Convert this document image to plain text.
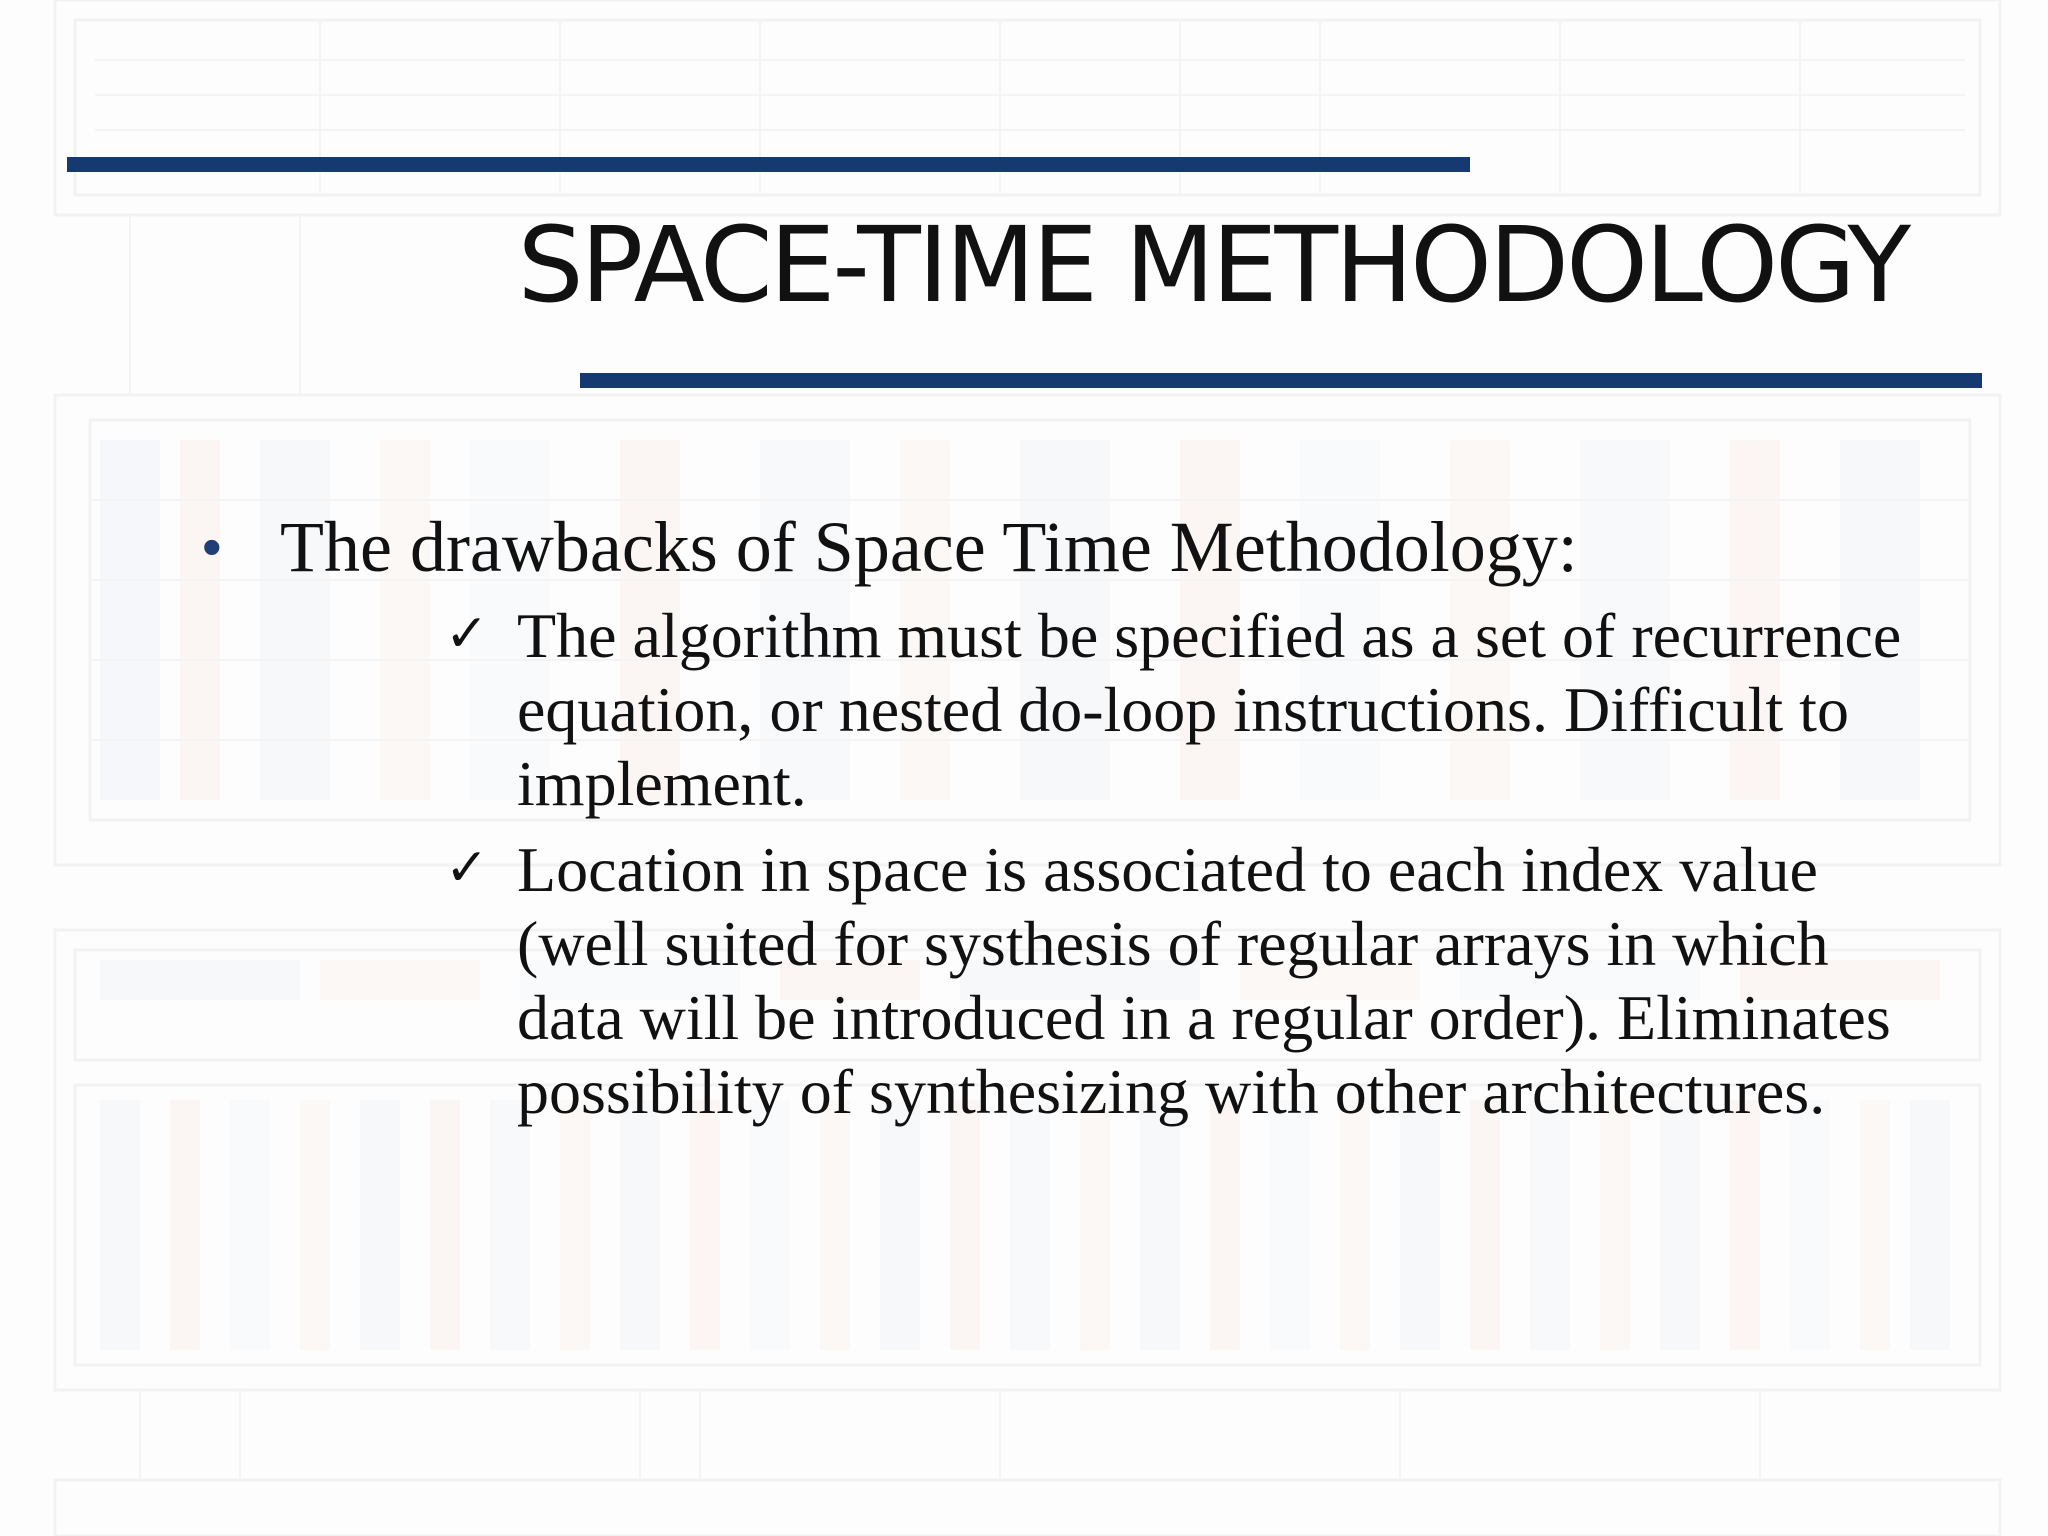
SPACE-TIME METHODOLOGY
• The drawbacks of Space Time Methodology:
✓ The algorithm must be specified as a set of recurrence equation, or nested do-loop instructions. Difficult to implement.
✓ Location in space is associated to each index value (well suited for systhesis of regular arrays in which data will be introduced in a regular order). Eliminates possibility of synthesizing with other architectures.
